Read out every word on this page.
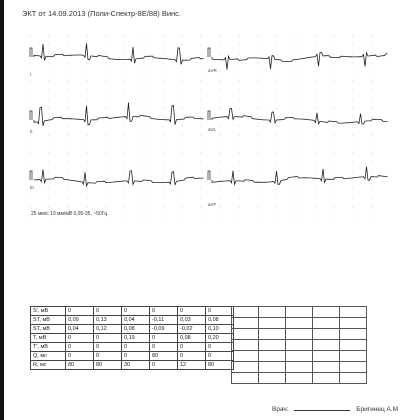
ЭКТ от 14.09.2013 (Поли-Спектр-8E/88) Винс.
I
II
III
aVR
aVL
aVF
25 мм/с 10 мм/мВ 0,05-35, ~50Гц
S', мВ	0	0	0	0	0	0
ST, мВ	0,09	0,13	0,04	-0,11	0,03	0,08
ST, мВ	0,04	0,12	0,08	-0,09	-0,02	0,10
T, мВ	0	0	0,19	0	0,08	0,20
T', мВ	0	0	0	0	0	0
Q, мс	0	0	0	80	0	0
R, мс	80	80	30	0	12	80

Врач:	Бригинец А.М
